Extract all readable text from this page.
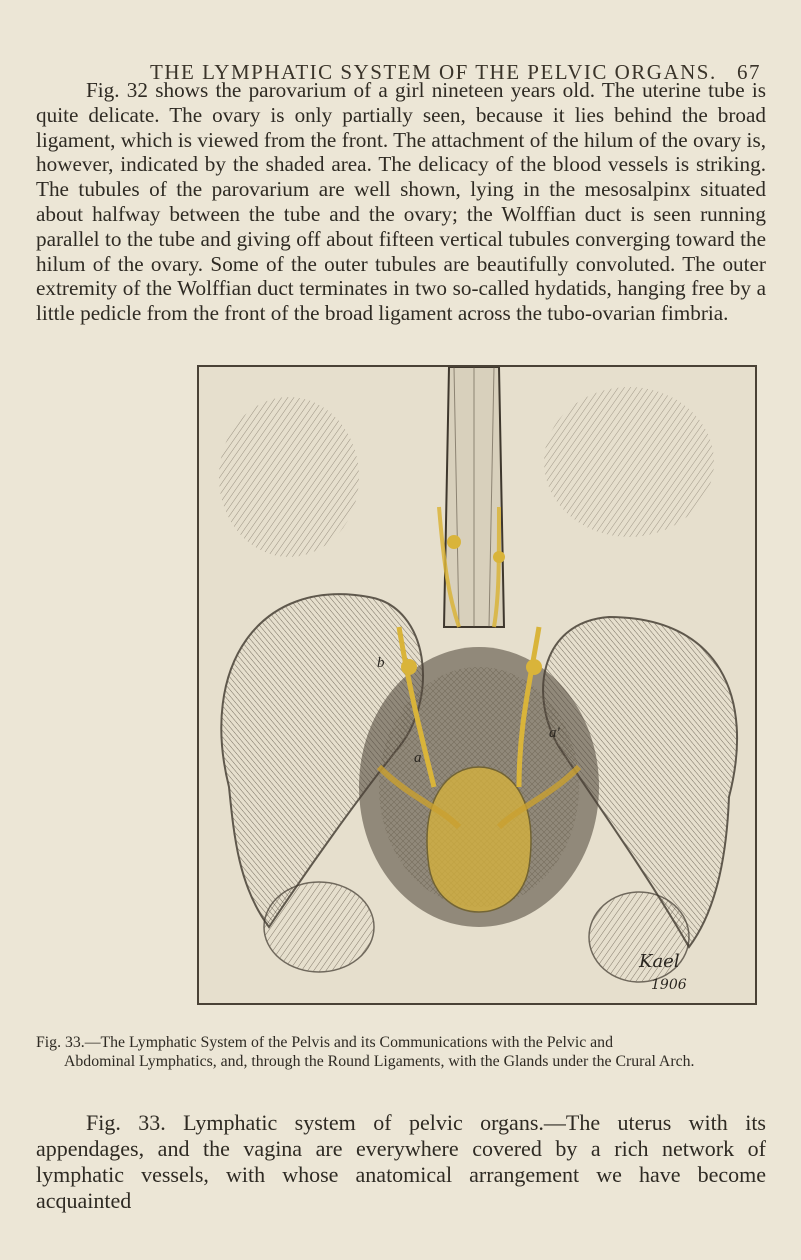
THE LYMPHATIC SYSTEM OF THE PELVIC ORGANS. 67

Fig. 32 shows the parovarium of a girl nineteen years old. The uterine tube is quite delicate. The ovary is only partially seen, because it lies behind the broad ligament, which is viewed from the front. The attachment of the hilum of the ovary is, however, indicated by the shaded area. The delicacy of the blood vessels is striking. The tubules of the parovarium are well shown, lying in the mesosalpinx situated about halfway between the tube and the ovary; the Wolffian duct is seen running parallel to the tube and giving off about fifteen vertical tubules converging toward the hilum of the ovary. Some of the outer tubules are beautifully convoluted. The outer extremity of the Wolffian duct terminates in two so-called hydatids, hanging free by a little pedicle from the front of the broad ligament across the tubo-ovarian fimbria.

b
a
a'
Kael
1906
Fig. 33.—The Lymphatic System of the Pelvis and its Communications with the Pelvic and
Abdominal Lymphatics, and, through the Round Ligaments, with the Glands under the Crural Arch.

Fig. 33. Lymphatic system of pelvic organs.—The uterus with its appendages, and the vagina are everywhere covered by a rich network of lymphatic vessels, with whose anatomical arrangement we have become acquainted
